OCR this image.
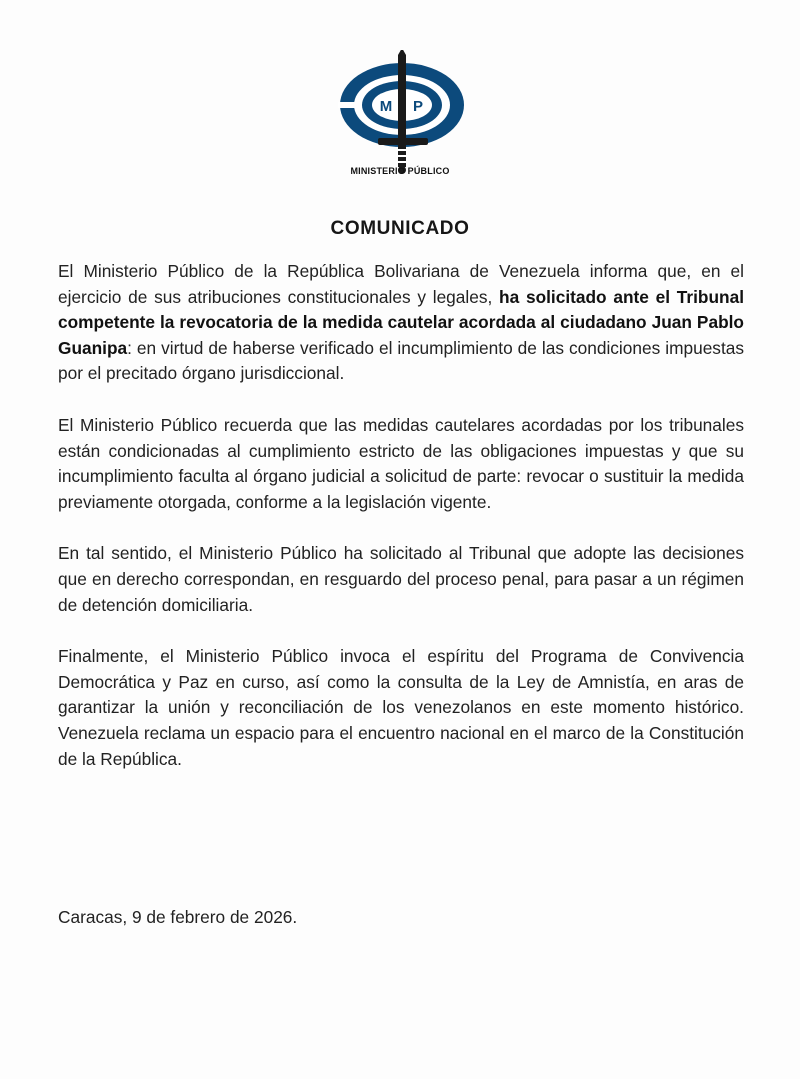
M P
MINISTERIO PÚBLICO
COMUNICADO

El Ministerio Público de la República Bolivariana de Venezuela informa que, en el ejercicio de sus atribuciones constitucionales y legales, ha solicitado ante el Tribunal competente la revocatoria de la medida cautelar acordada al ciudadano Juan Pablo Guanipa: en virtud de haberse verificado el incumplimiento de las condiciones impuestas por el precitado órgano jurisdiccional.

El Ministerio Público recuerda que las medidas cautelares acordadas por los tribunales están condicionadas al cumplimiento estricto de las obligaciones impuestas y que su incumplimiento faculta al órgano judicial a solicitud de parte: revocar o sustituir la medida previamente otorgada, conforme a la legislación vigente.

En tal sentido, el Ministerio Público ha solicitado al Tribunal que adopte las decisiones que en derecho correspondan, en resguardo del proceso penal, para pasar a un régimen de detención domiciliaria.

Finalmente, el Ministerio Público invoca el espíritu del Programa de Convivencia Democrática y Paz en curso, así como la consulta de la Ley de Amnistía, en aras de garantizar la unión y reconciliación de los venezolanos en este momento histórico. Venezuela reclama un espacio para el encuentro nacional en el marco de la Constitución de la República.

Caracas, 9 de febrero de 2026.
